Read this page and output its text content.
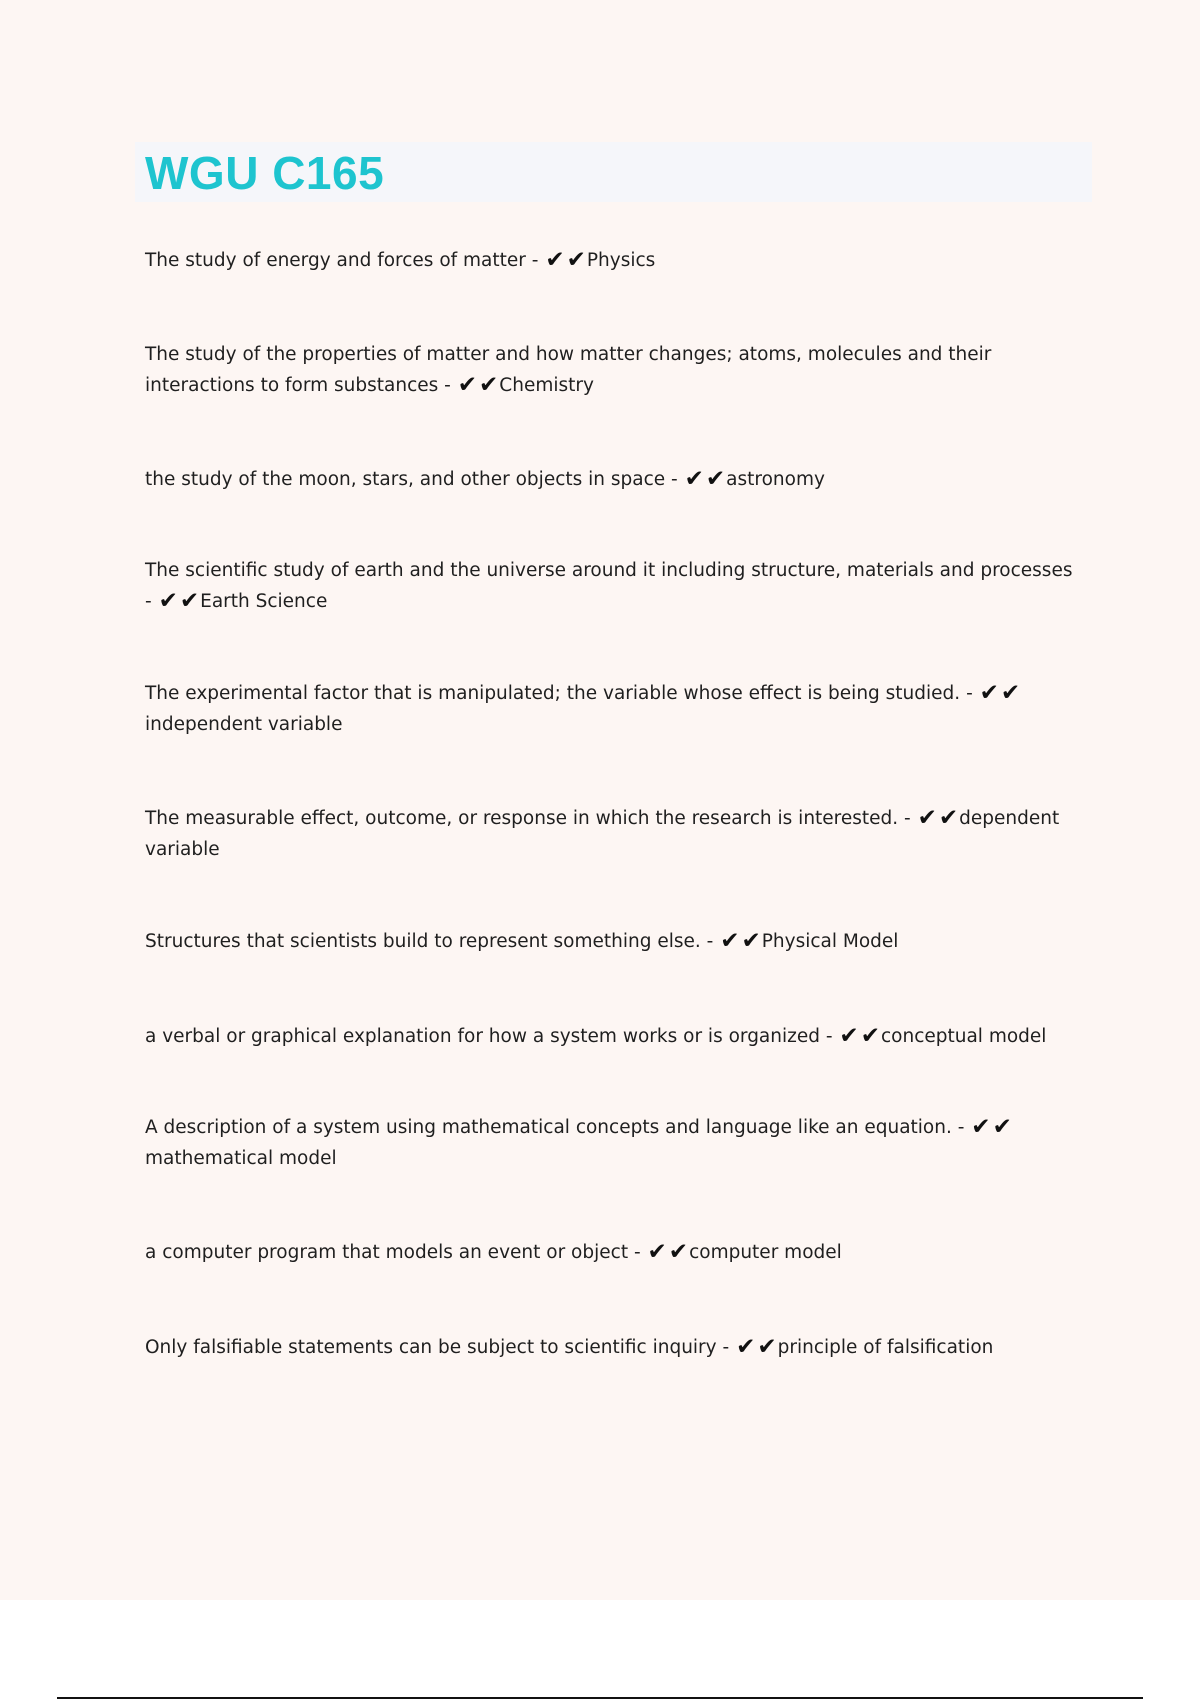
WGU C165

The study of energy and forces of matter - ✔✔Physics

The study of the properties of matter and how matter changes; atoms, molecules and their interactions to form substances - ✔✔Chemistry

the study of the moon, stars, and other objects in space - ✔✔astronomy

The scientific study of earth and the universe around it including structure, materials and processes - ✔✔Earth Science

The experimental factor that is manipulated; the variable whose effect is being studied. - ✔✔independent variable

The measurable effect, outcome, or response in which the research is interested. - ✔✔dependent variable

Structures that scientists build to represent something else. - ✔✔Physical Model

a verbal or graphical explanation for how a system works or is organized - ✔✔conceptual model

A description of a system using mathematical concepts and language like an equation. - ✔✔mathematical model

a computer program that models an event or object - ✔✔computer model

Only falsifiable statements can be subject to scientific inquiry - ✔✔principle of falsification
